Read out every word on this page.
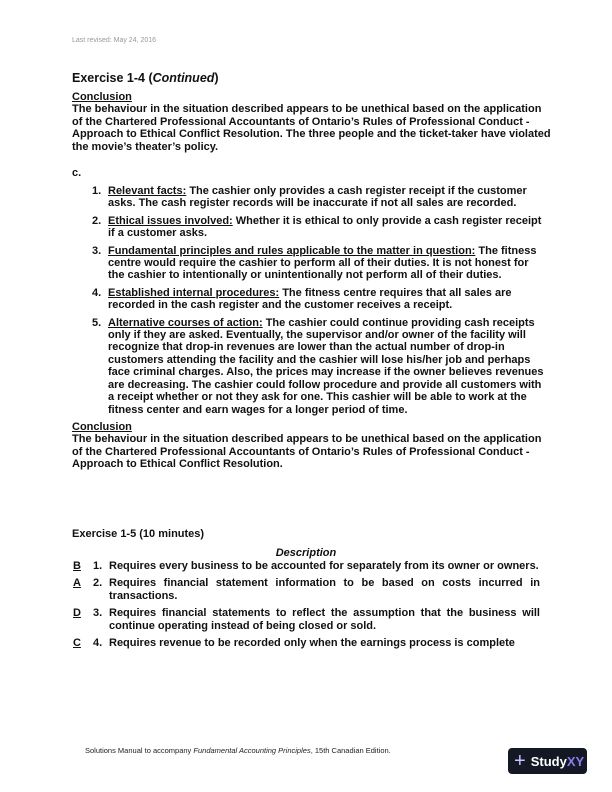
Last revised: May 24, 2016
Exercise 1-4 (Continued)
Conclusion
The behaviour in the situation described appears to be unethical based on the application of the Chartered Professional Accountants of Ontario’s Rules of Professional Conduct - Approach to Ethical Conflict Resolution. The three people and the ticket-taker have violated the movie’s theater’s policy.
c.
1. Relevant facts: The cashier only provides a cash register receipt if the customer asks. The cash register records will be inaccurate if not all sales are recorded.
2. Ethical issues involved: Whether it is ethical to only provide a cash register receipt if a customer asks.
3. Fundamental principles and rules applicable to the matter in question: The fitness centre would require the cashier to perform all of their duties. It is not honest for the cashier to intentionally or unintentionally not perform all of their duties.
4. Established internal procedures: The fitness centre requires that all sales are recorded in the cash register and the customer receives a receipt.
5. Alternative courses of action: The cashier could continue providing cash receipts only if they are asked. Eventually, the supervisor and/or owner of the facility will recognize that drop-in revenues are lower than the actual number of drop-in customers attending the facility and the cashier will lose his/her job and perhaps face criminal charges. Also, the prices may increase if the owner believes revenues are decreasing. The cashier could follow procedure and provide all customers with a receipt whether or not they ask for one. This cashier will be able to work at the fitness center and earn wages for a longer period of time.
Conclusion
The behaviour in the situation described appears to be unethical based on the application of the Chartered Professional Accountants of Ontario’s Rules of Professional Conduct - Approach to Ethical Conflict Resolution.
Exercise 1-5 (10 minutes)
Description
B	1. Requires every business to be accounted for separately from its owner or owners.
A	2. Requires financial statement information to be based on costs incurred in transactions.
D	3. Requires financial statements to reflect the assumption that the business will continue operating instead of being closed or sold.
C	4. Requires revenue to be recorded only when the earnings process is complete
Solutions Manual to accompany Fundamental Accounting Principles, 15th Canadian Edition.	+ StudyXY
